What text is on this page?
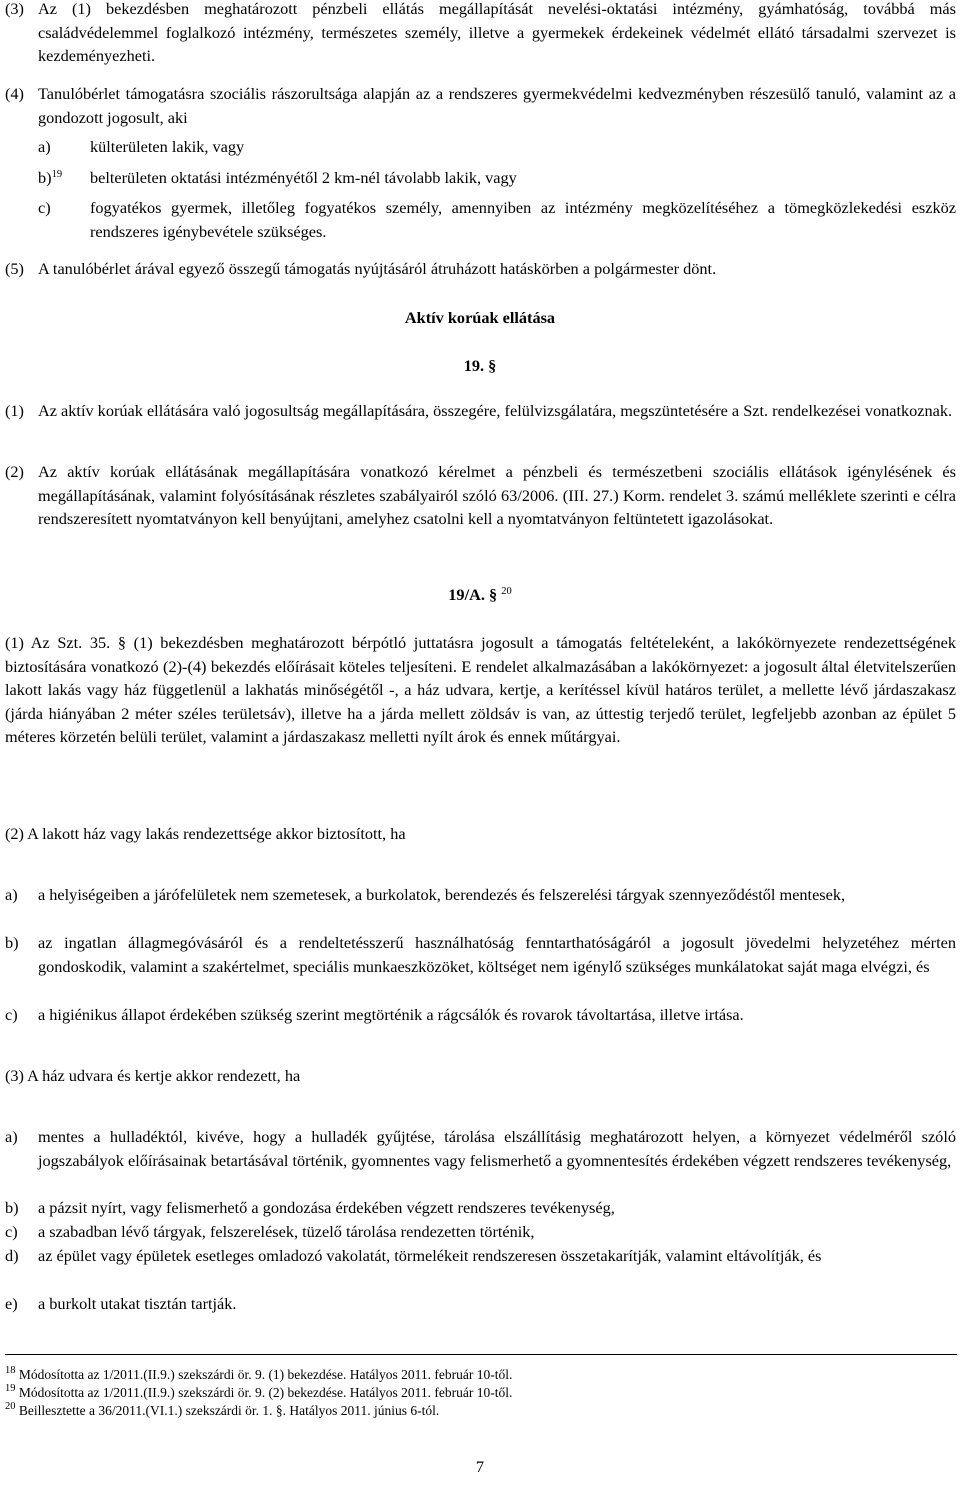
(3) Az (1) bekezdésben meghatározott pénzbeli ellátás megállapítását nevelési-oktatási intézmény, gyámhatóság, továbbá más családvédelemmel foglalkozó intézmény, természetes személy, illetve a gyermekek érdekeinek védelmét ellátó társadalmi szervezet is kezdeményezheti.
(4) Tanulóbérlet támogatásra szociális rászorultsága alapján az a rendszeres gyermekvédelmi kedvezményben részesülő tanuló, valamint az a gondozott jogosult, aki
a) külterületen lakik, vagy
b)$^{19}$ belterületen oktatási intézményétől 2 km-nél távolabb lakik, vagy
c) fogyatékos gyermek, illetőleg fogyatékos személy, amennyiben az intézmény megközelítéséhez a tömegközlekedési eszköz rendszeres igénybevétele szükséges.
(5) A tanulóbérlet árával egyező összegű támogatás nyújtásáról átruházott hatáskörben a polgármester dönt.
Aktív korúak ellátása
19. §
(1) Az aktív korúak ellátására való jogosultság megállapítására, összegére, felülvizsgálatára, megszüntetésére a Szt. rendelkezései vonatkoznak.
(2) Az aktív korúak ellátásának megállapítására vonatkozó kérelmet a pénzbeli és természetbeni szociális ellátások igénylésének és megállapításának, valamint folyósításának részletes szabályairól szóló 63/2006. (III. 27.) Korm. rendelet 3. számú melléklete szerinti e célra rendszeresített nyomtatványon kell benyújtani, amelyhez csatolni kell a nyomtatványon feltüntetett igazolásokat.
19/A. § $^{20}$
(1) Az Szt. 35. § (1) bekezdésben meghatározott bérpótló juttatásra jogosult a támogatás feltételeként, a lakókörnyezete rendezettségének biztosítására vonatkozó (2)-(4) bekezdés előírásait köteles teljesíteni. E rendelet alkalmazásában a lakókörnyezet: a jogosult által életvitelszerűen lakott lakás vagy ház függetlenül a lakhatás minőségétől -, a ház udvara, kertje, a kerítéssel kívül határos terület, a mellette lévő járdaszakasz (járda hiányában 2 méter széles területsáv), illetve ha a járda mellett zöldsáv is van, az úttestig terjedő terület, legfeljebb azonban az épület 5 méteres körzetén belüli terület, valamint a járdaszakasz melletti nyílt árok és ennek műtárgyai.
(2) A lakott ház vagy lakás rendezettsége akkor biztosított, ha
a) a helyiségeiben a járófelületek nem szemetesek, a burkolatok, berendezés és felszerelési tárgyak szennyeződéstől mentesek,
b) az ingatlan állagmegóvásáról és a rendeltetésszerű használhatóság fenntarthatóságáról a jogosult jövedelmi helyzetéhez mérten gondoskodik, valamint a szakértelmet, speciális munkaeszközöket, költséget nem igénylő szükséges munkálatokat saját maga elvégzi, és
c) a higiénikus állapot érdekében szükség szerint megtörténik a rágcsálók és rovarok távoltartása, illetve irtása.
(3) A ház udvara és kertje akkor rendezett, ha
a) mentes a hulladéktól, kivéve, hogy a hulladék gyűjtése, tárolása elszállításig meghatározott helyen, a környezet védelméről szóló jogszabályok előírásainak betartásával történik, gyomnentes vagy felismerhető a gyomnentesítés érdekében végzett rendszeres tevékenység,
b) a pázsit nyírt, vagy felismerhető a gondozása érdekében végzett rendszeres tevékenység,
c) a szabadban lévő tárgyak, felszerelések, tüzelő tárolása rendezetten történik,
d) az épület vagy épületek esetleges omladozó vakolatát, törmelékeit rendszeresen összetakarítják, valamint eltávolítják, és
e) a burkolt utakat tisztán tartják.
$^{18}$ Módosította az 1/2011.(II.9.) szekszárdi ör. 9. (1) bekezdése. Hatályos 2011. február 10-től.
$^{19}$ Módosította az 1/2011.(II.9.) szekszárdi ör. 9. (2) bekezdése. Hatályos 2011. február 10-től.
$^{20}$ Beillesztette a 36/2011.(VI.1.) szekszárdi ör. 1. §. Hatályos 2011. június 6-tól.
7
